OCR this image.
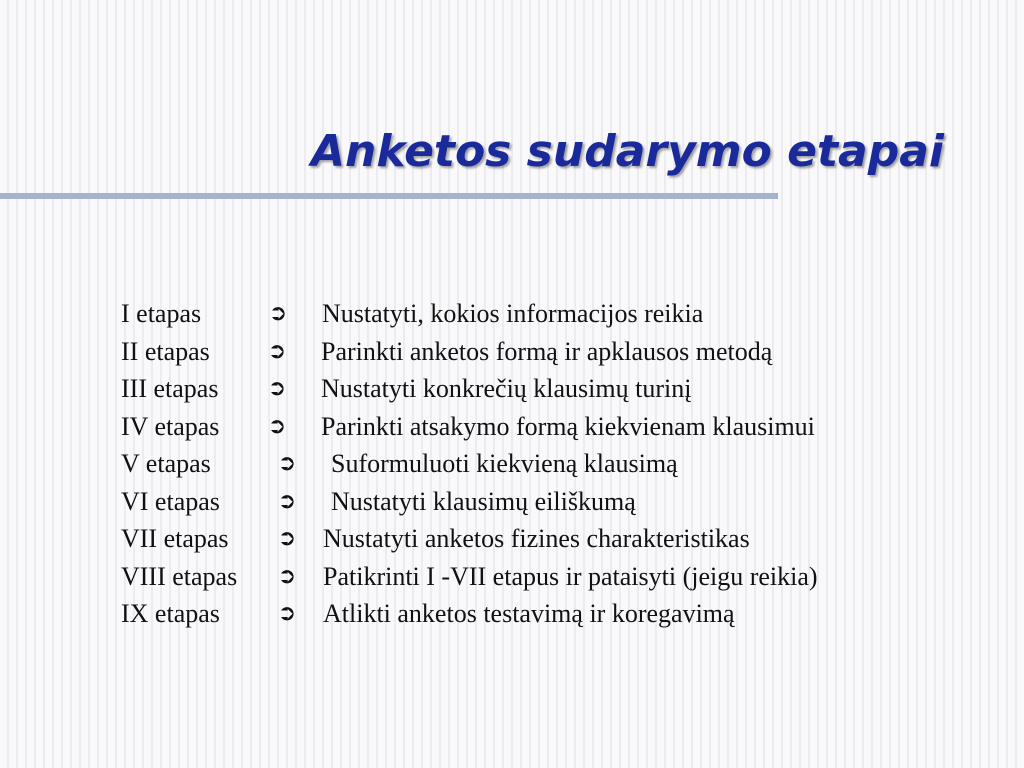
Anketos sudarymo etapai
I etapas	➲ Nustatyti, kokios informacijos reikia
II etapas	➲ Parinkti anketos formą ir apklausos metodą
III etapas ➲ Nustatyti konkrečių klausimų turinį
IV etapas ➲ Parinkti atsakymo formą kiekvienam klausimui
V etapas	➲ Suformuluoti kiekvieną klausimą
VI etapas	➲ Nustatyti klausimų eiliškumą
VII etapas ➲ Nustatyti anketos fizines charakteristikas
VIII etapas ➲ Patikrinti I -VII etapus ir pataisyti (jeigu reikia)
IX etapas	➲ Atlikti anketos testavimą ir koregavimą
